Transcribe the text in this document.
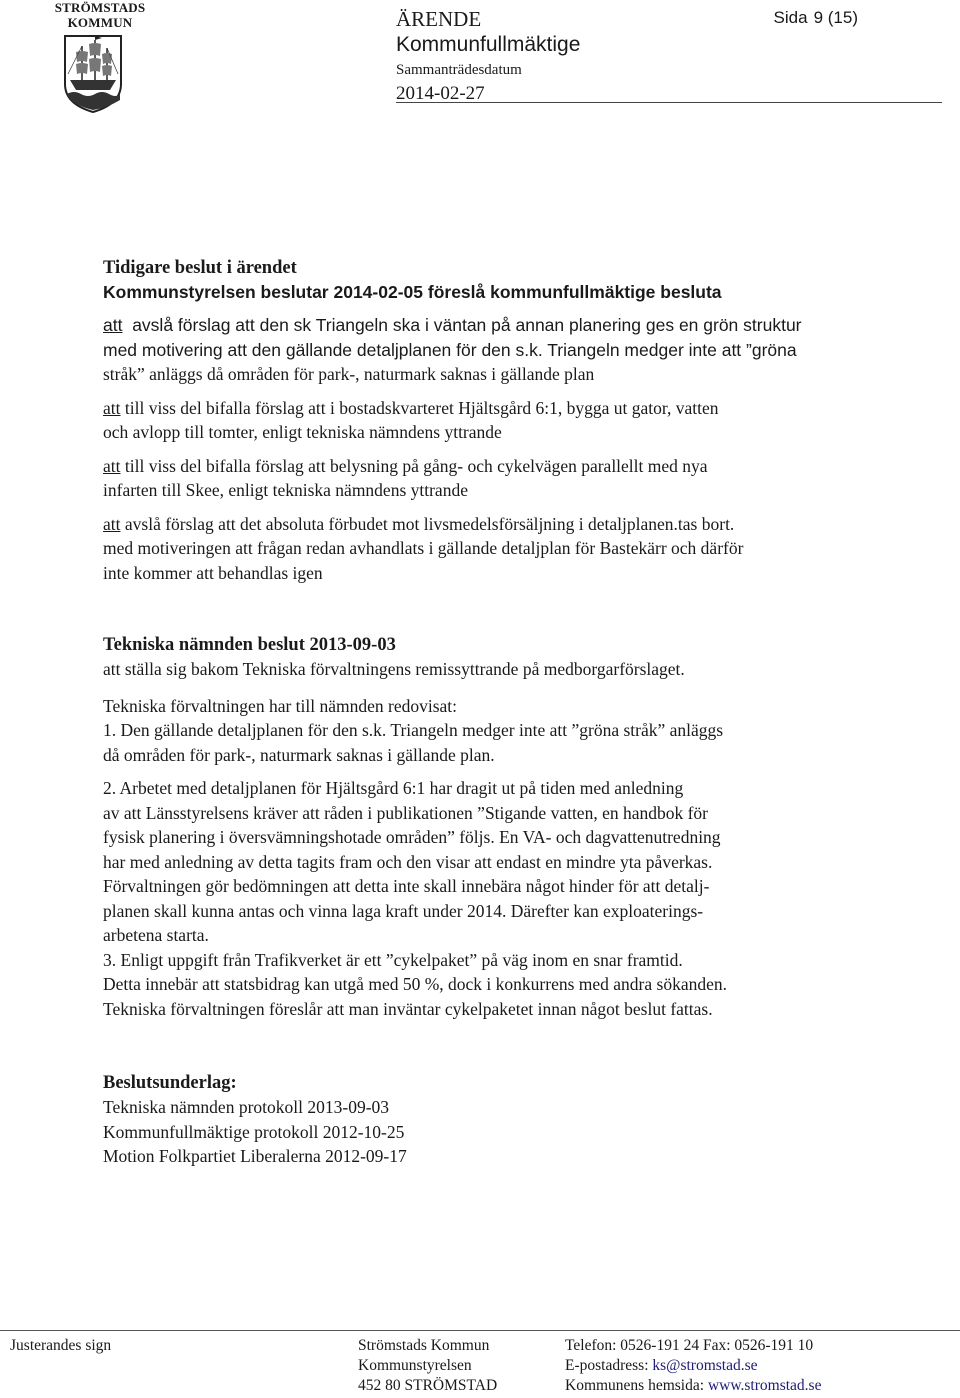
STRÖMSTADS
KOMMUN	ÄRENDE
Kommunfullmäktige
Sammanträdesdatum
2014-02-27
Sida 9 (15)
Tidigare beslut i ärendet
Kommunstyrelsen beslutar 2014-02-05 föreslå kommunfullmäktige besluta
att avslå förslag att den sk Triangeln ska i väntan på annan planering ges en grön struktur
med motivering att den gällande detaljplanen för den s.k. Triangeln medger inte att ”gröna
stråk” anläggs då områden för park-, naturmark saknas i gällande plan
att till viss del bifalla förslag att i bostadskvarteret Hjältsgård 6:1, bygga ut gator, vatten
och avlopp till tomter, enligt tekniska nämndens yttrande
att till viss del bifalla förslag att belysning på gång- och cykelvägen parallellt med nya
infarten till Skee, enligt tekniska nämndens yttrande
att avslå förslag att det absoluta förbudet mot livsmedelsförsäljning i detaljplanen.tas bort.
med motiveringen att frågan redan avhandlats i gällande detaljplan för Bastekärr och därför
inte kommer att behandlas igen
Tekniska nämnden beslut 2013-09-03
att ställa sig bakom Tekniska förvaltningens remissyttrande på medborgarförslaget.
Tekniska förvaltningen har till nämnden redovisat:
1. Den gällande detaljplanen för den s.k. Triangeln medger inte att ”gröna stråk” anläggs
då områden för park-, naturmark saknas i gällande plan.
2. Arbetet med detaljplanen för Hjältsgård 6:1 har dragit ut på tiden med anledning
av att Länsstyrelsens kräver att råden i publikationen ”Stigande vatten, en handbok för
fysisk planering i översvämningshotade områden” följs. En VA- och dagvattenutredning
har med anledning av detta tagits fram och den visar att endast en mindre yta påverkas.
Förvaltningen gör bedömningen att detta inte skall innebära något hinder för att detalj-
planen skall kunna antas och vinna laga kraft under 2014. Därefter kan exploaterings-
arbetena starta.
3. Enligt uppgift från Trafikverket är ett ”cykelpaket” på väg inom en snar framtid.
Detta innebär att statsbidrag kan utgå med 50 %, dock i konkurrens med andra sökanden.
Tekniska förvaltningen föreslår att man inväntar cykelpaketet innan något beslut fattas.
Beslutsunderlag:
Tekniska nämnden protokoll 2013-09-03
Kommunfullmäktige protokoll 2012-10-25
Motion Folkpartiet Liberalerna 2012-09-17
Justerandes sign	Strömstads Kommun
Kommunstyrelsen
452 80 STRÖMSTAD
Telefon: 0526-191 24 Fax: 0526-191 10
E-postadress: ks@stromstad.se
Kommunens hemsida: www.stromstad.se
